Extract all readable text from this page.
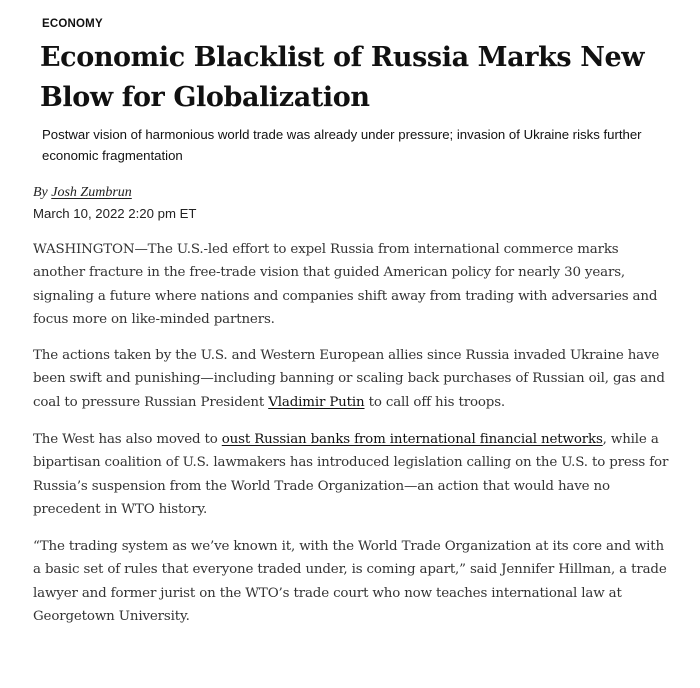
ECONOMY
Economic Blacklist of Russia Marks New Blow for Globalization

Postwar vision of harmonious world trade was already under pressure; invasion of Ukraine risks further economic fragmentation

By Josh Zumbrun
March 10, 2022 2:20 pm ET

WASHINGTON—The U.S.-led effort to expel Russia from international commerce marks another fracture in the free-trade vision that guided American policy for nearly 30 years, signaling a future where nations and companies shift away from trading with adversaries and focus more on like-minded partners.

The actions taken by the U.S. and Western European allies since Russia invaded Ukraine have been swift and punishing—including banning or scaling back purchases of Russian oil, gas and coal to pressure Russian President Vladimir Putin to call off his troops.

The West has also moved to oust Russian banks from international financial networks, while a bipartisan coalition of U.S. lawmakers has introduced legislation calling on the U.S. to press for Russia’s suspension from the World Trade Organization—an action that would have no precedent in WTO history.

“The trading system as we’ve known it, with the World Trade Organization at its core and with a basic set of rules that everyone traded under, is coming apart,” said Jennifer Hillman, a trade lawyer and former jurist on the WTO’s trade court who now teaches international law at Georgetown University.
